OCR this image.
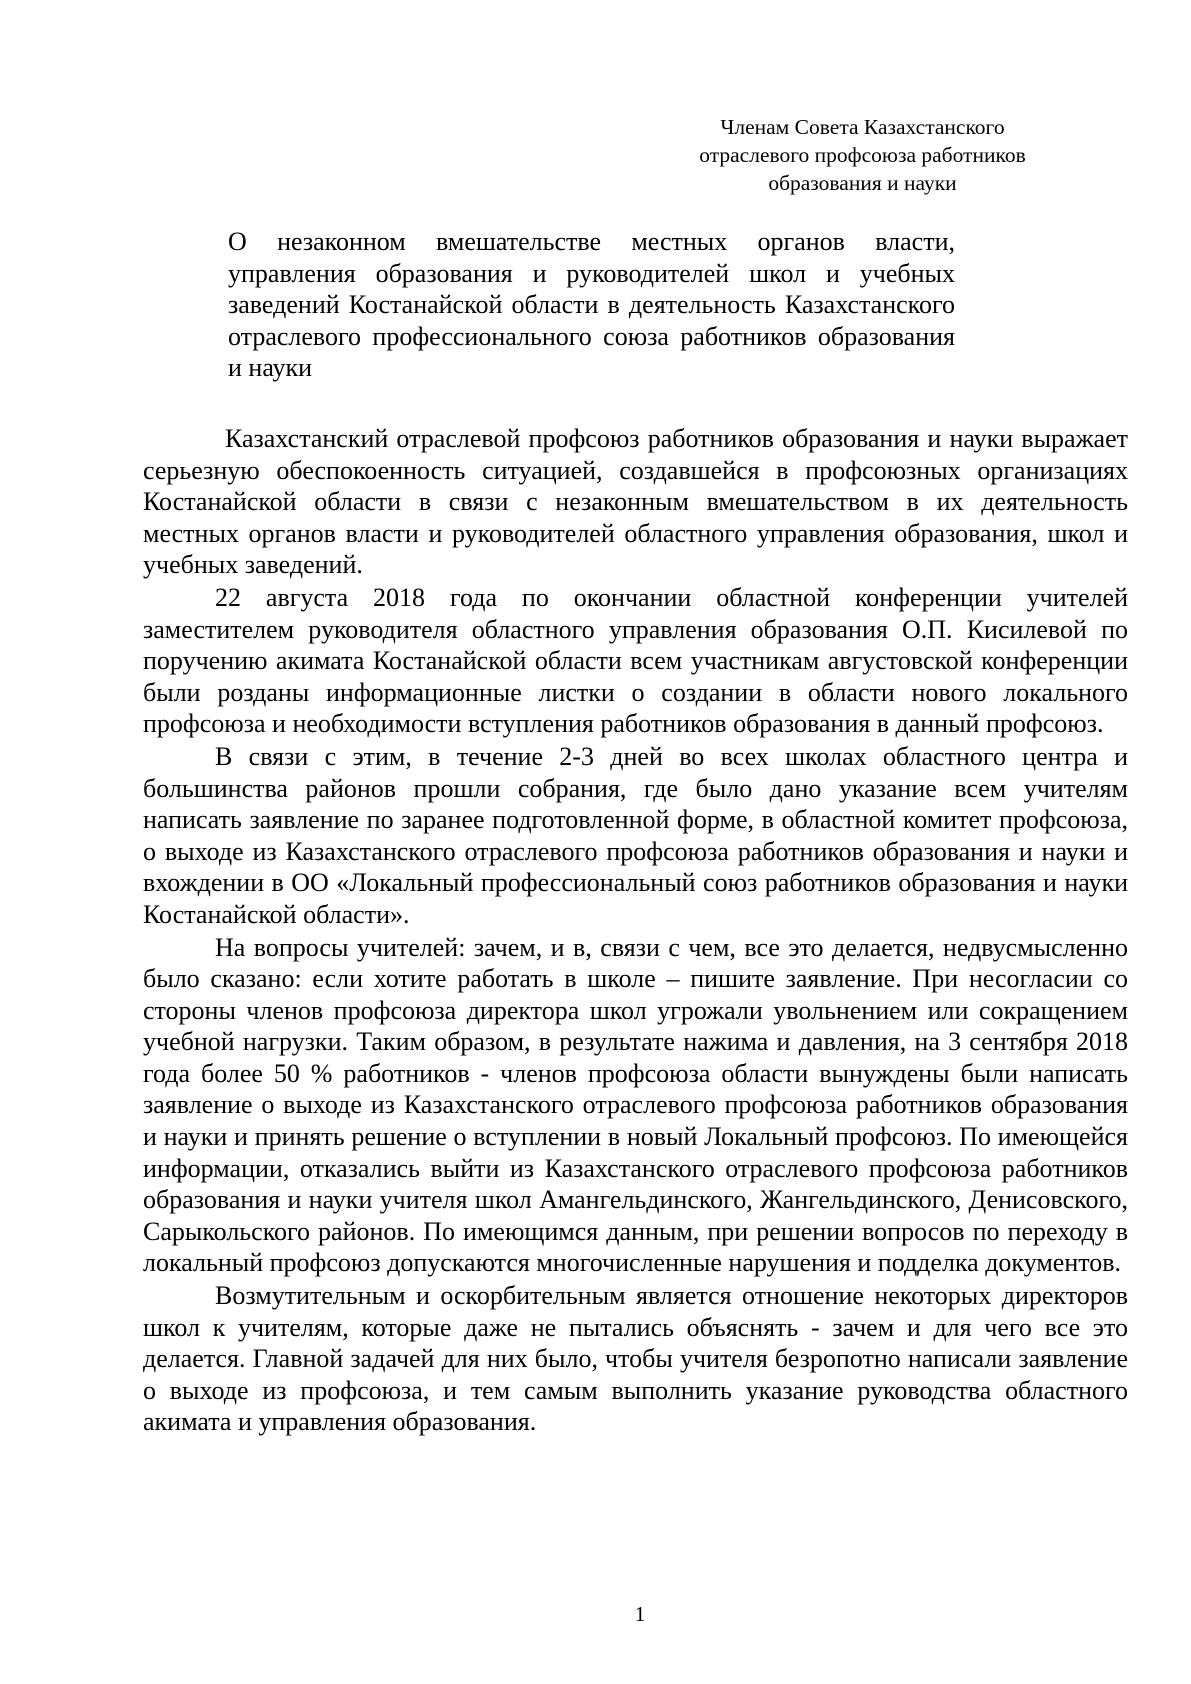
Членам Совета Казахстанского
отраслевого профсоюза работников
образования и науки
О незаконном вмешательстве местных органов власти, управления образования и руководителей школ и учебных заведений Костанайской области в деятельность Казахстанского отраслевого профессионального союза работников образования и науки

Казахстанский отраслевой профсоюз работников образования и науки выражает серьезную обеспокоенность ситуацией, создавшейся в профсоюзных организациях Костанайской области в связи с незаконным вмешательством в их деятельность местных органов власти и руководителей областного управления образования, школ и учебных заведений.

22 августа 2018 года по окончании областной конференции учителей заместителем руководителя областного управления образования О.П. Кисилевой по поручению акимата Костанайской области всем участникам августовской конференции были розданы информационные листки о создании в области нового локального профсоюза и необходимости вступления работников образования в данный профсоюз.

В связи с этим, в течение 2-3 дней во всех школах областного центра и большинства районов прошли собрания, где было дано указание всем учителям написать заявление по заранее подготовленной форме, в областной комитет профсоюза, о выходе из Казахстанского отраслевого профсоюза работников образования и науки и вхождении в ОО «Локальный профессиональный союз работников образования и науки Костанайской области».

На вопросы учителей: зачем, и в, связи с чем, все это делается, недвусмысленно было сказано: если хотите работать в школе – пишите заявление. При несогласии со стороны членов профсоюза директора школ угрожали увольнением или сокращением учебной нагрузки. Таким образом, в результате нажима и давления, на 3 сентября 2018 года более 50 % работников - членов профсоюза области вынуждены были написать заявление о выходе из Казахстанского отраслевого профсоюза работников образования и науки и принять решение о вступлении в новый Локальный профсоюз. По имеющейся информации, отказались выйти из Казахстанского отраслевого профсоюза работников образования и науки учителя школ Амангельдинского, Жангельдинского, Денисовского, Сарыкольского районов. По имеющимся данным, при решении вопросов по переходу в локальный профсоюз допускаются многочисленные нарушения и подделка документов.

Возмутительным и оскорбительным является отношение некоторых директоров школ к учителям, которые даже не пытались объяснять - зачем и для чего все это делается. Главной задачей для них было, чтобы учителя безропотно написали заявление о выходе из профсоюза, и тем самым выполнить указание руководства областного акимата и управления образования.

1
